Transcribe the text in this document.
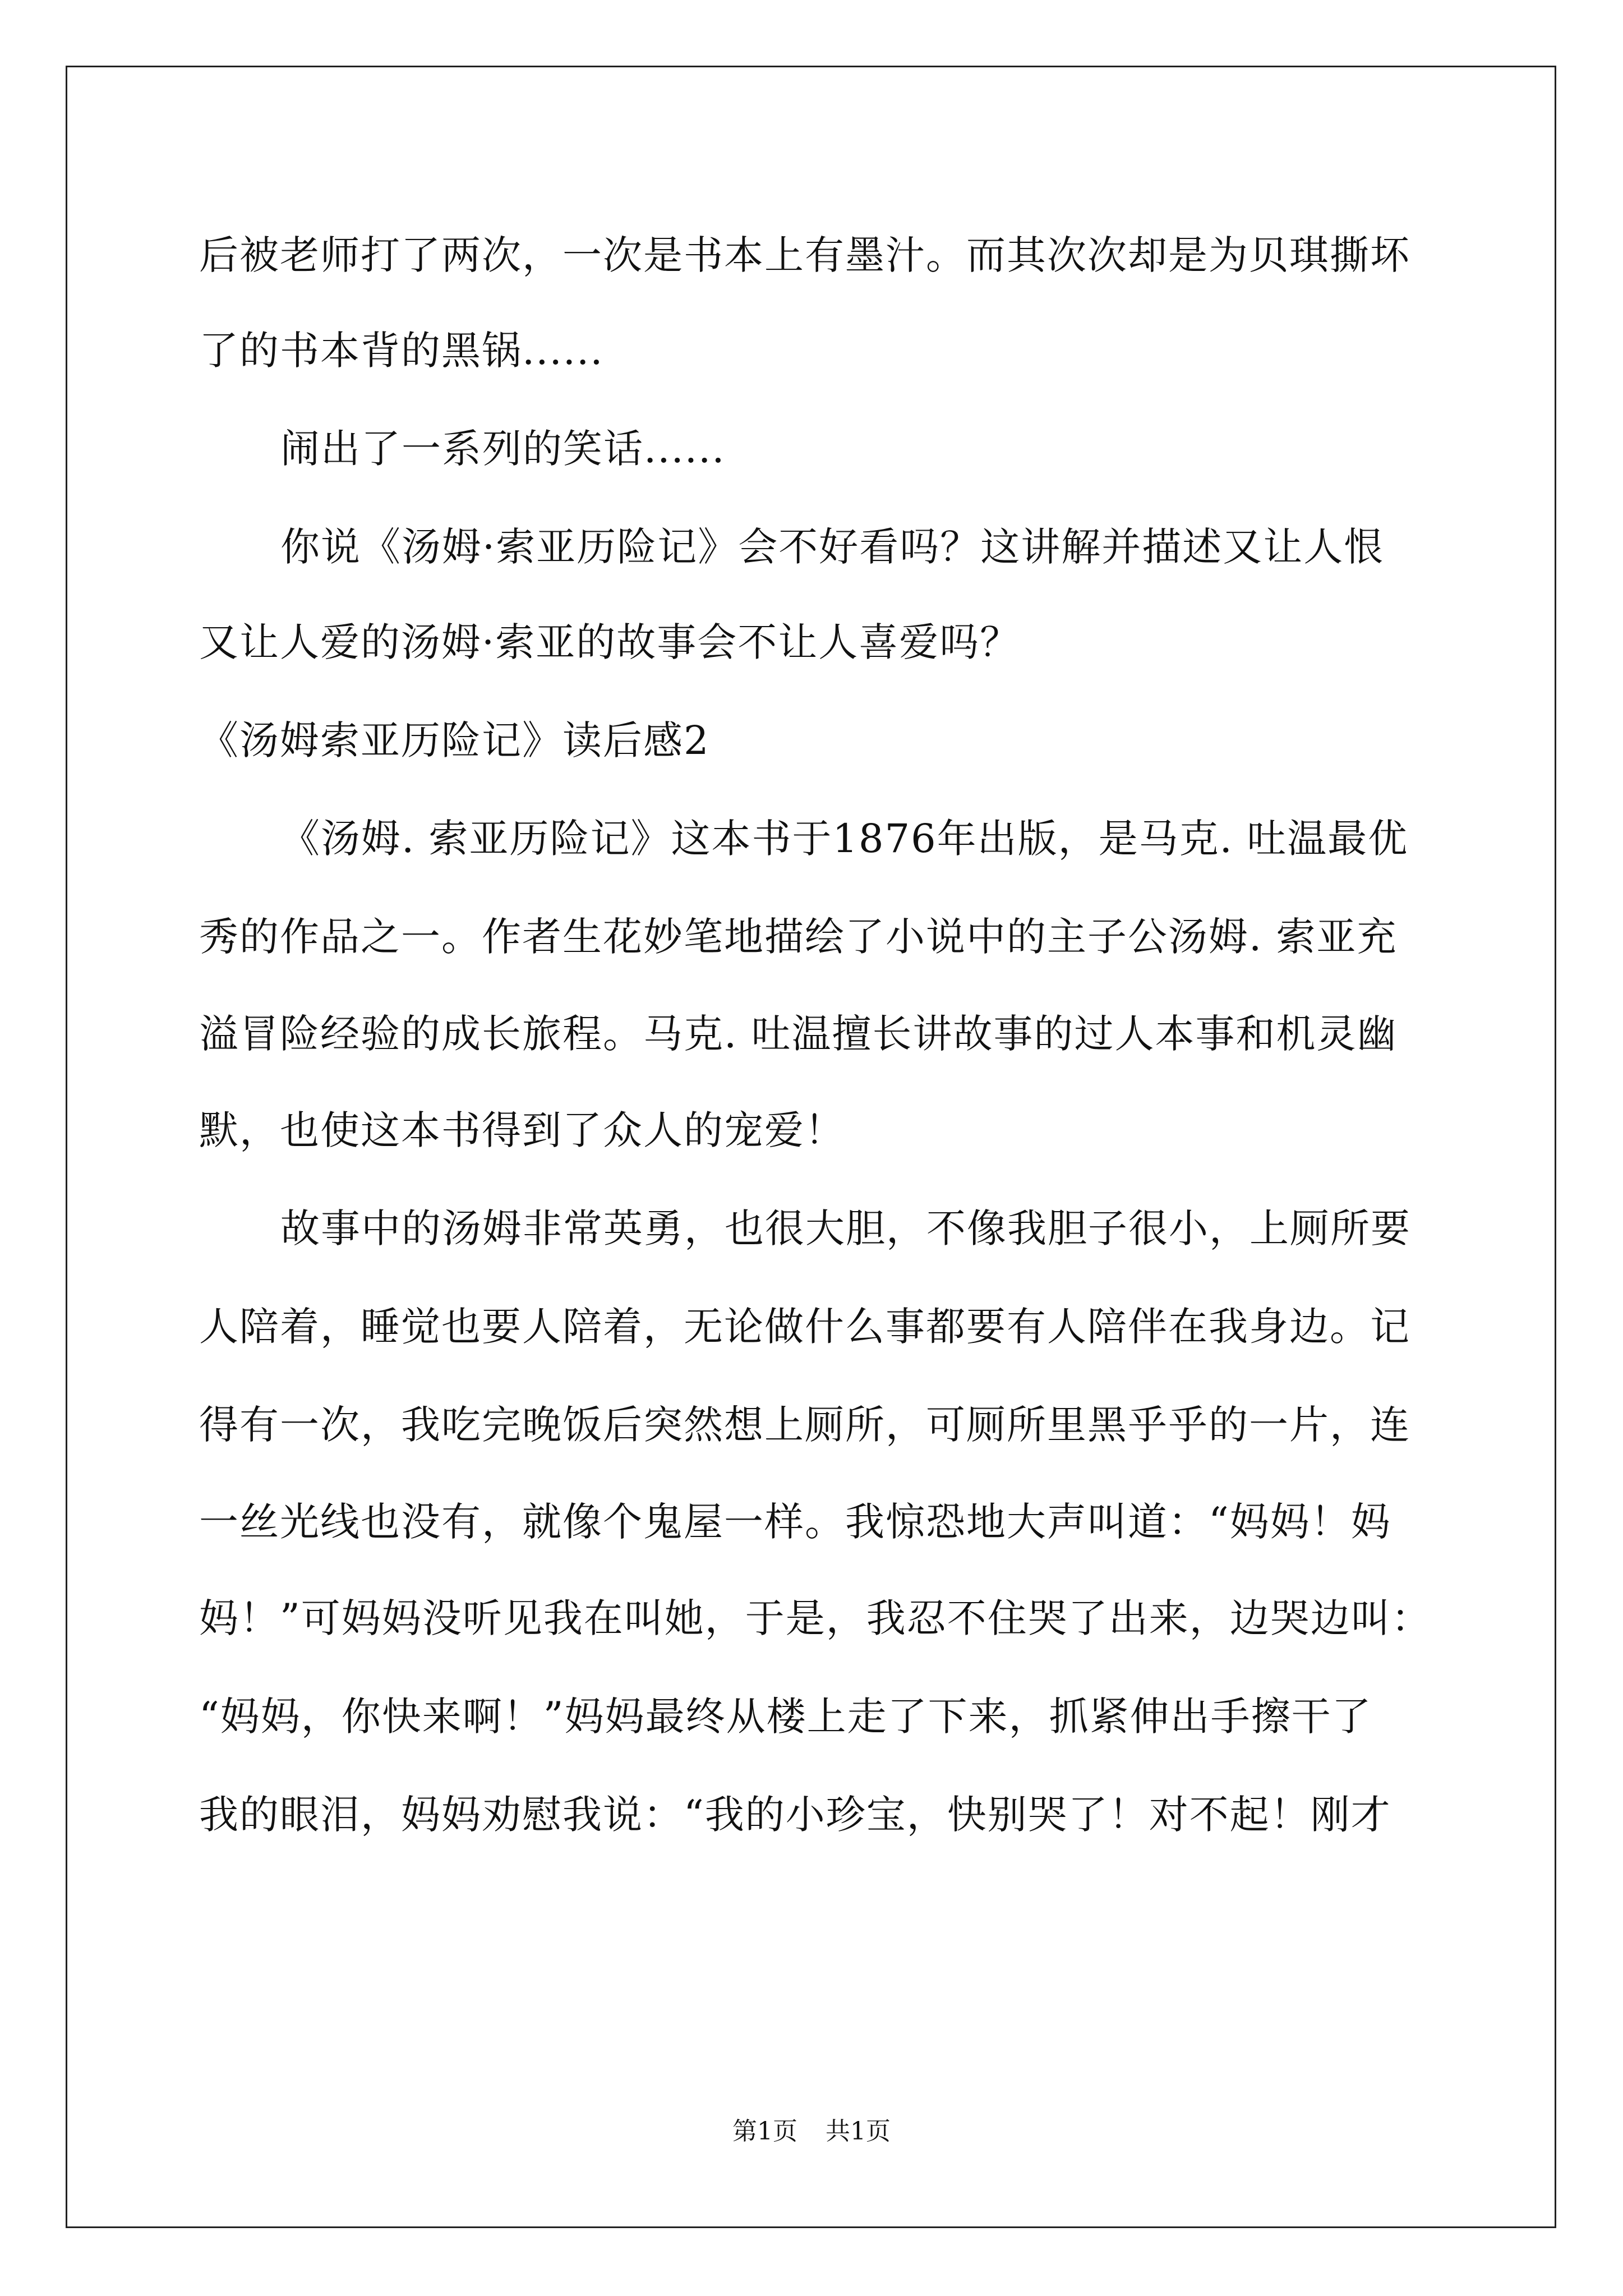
后被老师打了两次，一次是书本上有墨汁。而其次次却是为贝琪撕坏
了的书本背的黑锅......
闹出了一系列的笑话......
你说《汤姆·索亚历险记》会不好看吗？这讲解并描述又让人恨
又让人爱的汤姆·索亚的故事会不让人喜爱吗？
《汤姆索亚历险记》读后感2
《汤姆. 索亚历险记》这本书于1876年出版，是马克. 吐温最优
秀的作品之一。作者生花妙笔地描绘了小说中的主子公汤姆. 索亚充
溢冒险经验的成长旅程。马克. 吐温擅长讲故事的过人本事和机灵幽
默，也使这本书得到了众人的宠爱！
故事中的汤姆非常英勇，也很大胆，不像我胆子很小，上厕所要
人陪着，睡觉也要人陪着，无论做什么事都要有人陪伴在我身边。记
得有一次，我吃完晚饭后突然想上厕所，可厕所里黑乎乎的一片，连
一丝光线也没有，就像个鬼屋一样。我惊恐地大声叫道：“妈妈！妈
妈！”可妈妈没听见我在叫她，于是，我忍不住哭了出来，边哭边叫：
“妈妈，你快来啊！”妈妈最终从楼上走了下来，抓紧伸出手擦干了
我的眼泪，妈妈劝慰我说：“我的小珍宝，快别哭了！对不起！刚才
第1页 共1页
